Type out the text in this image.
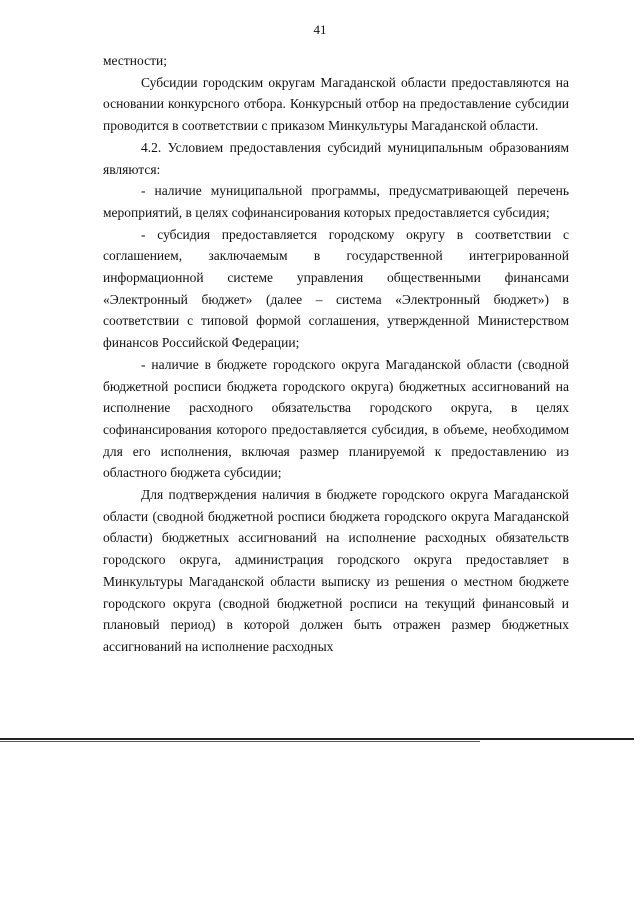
41

местности;

Субсидии городским округам Магаданской области предоставляются на основании конкурсного отбора. Конкурсный отбор на предоставление субсидии проводится в соответствии с приказом Минкультуры Магаданской области.

4.2. Условием предоставления субсидий муниципальным образованиям являются:

- наличие муниципальной программы, предусматривающей перечень мероприятий, в целях софинансирования которых предоставляется субсидия;

- субсидия предоставляется городскому округу в соответствии с соглашением, заключаемым в государственной интегрированной информационной системе управления общественными финансами «Электронный бюджет» (далее – система «Электронный бюджет») в соответствии с типовой формой соглашения, утвержденной Министерством финансов Российской Федерации;

- наличие в бюджете городского округа Магаданской области (сводной бюджетной росписи бюджета городского округа) бюджетных ассигнований на исполнение расходного обязательства городского округа, в целях софинансирования которого предоставляется субсидия, в объеме, необходимом для его исполнения, включая размер планируемой к предоставлению из областного бюджета субсидии;

Для подтверждения наличия в бюджете городского округа Магаданской области (сводной бюджетной росписи бюджета городского округа Магаданской области) бюджетных ассигнований на исполнение расходных обязательств городского округа, администрация городского округа предоставляет в Минкультуры Магаданской области выписку из решения о местном бюджете городского округа (сводной бюджетной росписи на текущий финансовый и плановый период) в которой должен быть отражен размер бюджетных ассигнований на исполнение расходных
